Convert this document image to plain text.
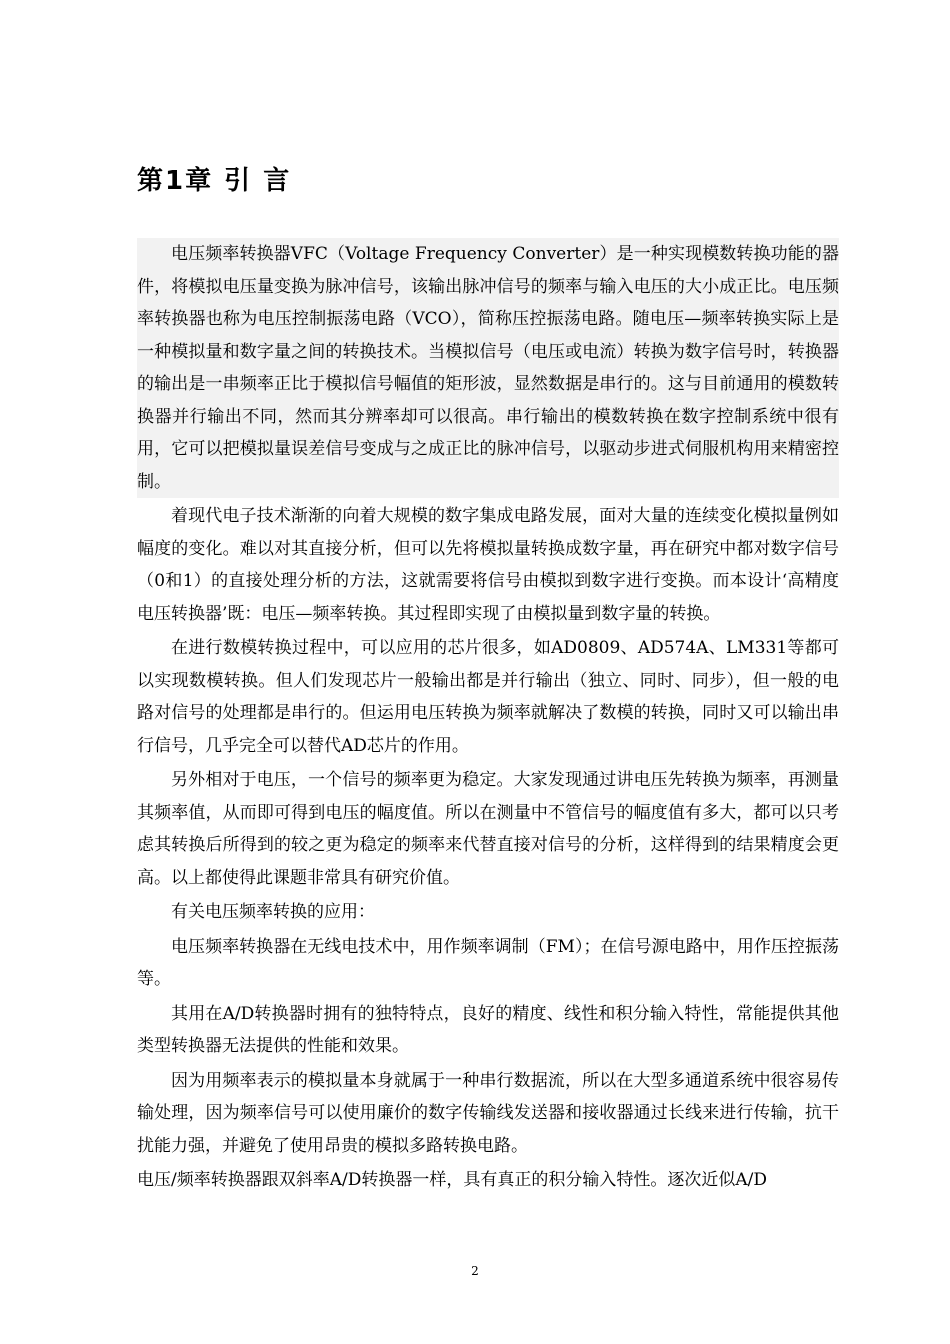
第1章 引 言

电压频率转换器VFC（Voltage Frequency Converter）是一种实现模数转换功能的器件，将模拟电压量变换为脉冲信号，该输出脉冲信号的频率与输入电压的大小成正比。电压频率转换器也称为电压控制振荡电路（VCO），简称压控振荡电路。随电压—频率转换实际上是一种模拟量和数字量之间的转换技术。当模拟信号（电压或电流）转换为数字信号时，转换器的输出是一串频率正比于模拟信号幅值的矩形波，显然数据是串行的。这与目前通用的模数转换器并行输出不同，然而其分辨率却可以很高。串行输出的模数转换在数字控制系统中很有用，它可以把模拟量误差信号变成与之成正比的脉冲信号，以驱动步进式伺服机构用来精密控制。

着现代电子技术渐渐的向着大规模的数字集成电路发展，面对大量的连续变化模拟量例如幅度的变化。难以对其直接分析，但可以先将模拟量转换成数字量，再在研究中都对数字信号（0和1）的直接处理分析的方法，这就需要将信号由模拟到数字进行变换。而本设计‘高精度电压转换器’既：电压—频率转换。其过程即实现了由模拟量到数字量的转换。

在进行数模转换过程中，可以应用的芯片很多，如AD0809、AD574A、LM331等都可以实现数模转换。但人们发现芯片一般输出都是并行输出（独立、同时、同步），但一般的电路对信号的处理都是串行的。但运用电压转换为频率就解决了数模的转换，同时又可以输出串行信号，几乎完全可以替代AD芯片的作用。

另外相对于电压，一个信号的频率更为稳定。大家发现通过讲电压先转换为频率，再测量其频率值，从而即可得到电压的幅度值。所以在测量中不管信号的幅度值有多大，都可以只考虑其转换后所得到的较之更为稳定的频率来代替直接对信号的分析，这样得到的结果精度会更高。以上都使得此课题非常具有研究价值。

有关电压频率转换的应用：

电压频率转换器在无线电技术中，用作频率调制（FM）；在信号源电路中，用作压控振荡等。

其用在A/D转换器时拥有的独特特点，良好的精度、线性和积分输入特性，常能提供其他类型转换器无法提供的性能和效果。

因为用频率表示的模拟量本身就属于一种串行数据流，所以在大型多通道系统中很容易传输处理，因为频率信号可以使用廉价的数字传输线发送器和接收器通过长线来进行传输，抗干扰能力强，并避免了使用昂贵的模拟多路转换电路。

电压/频率转换器跟双斜率A/D转换器一样，具有真正的积分输入特性。逐次近似A/D

2
